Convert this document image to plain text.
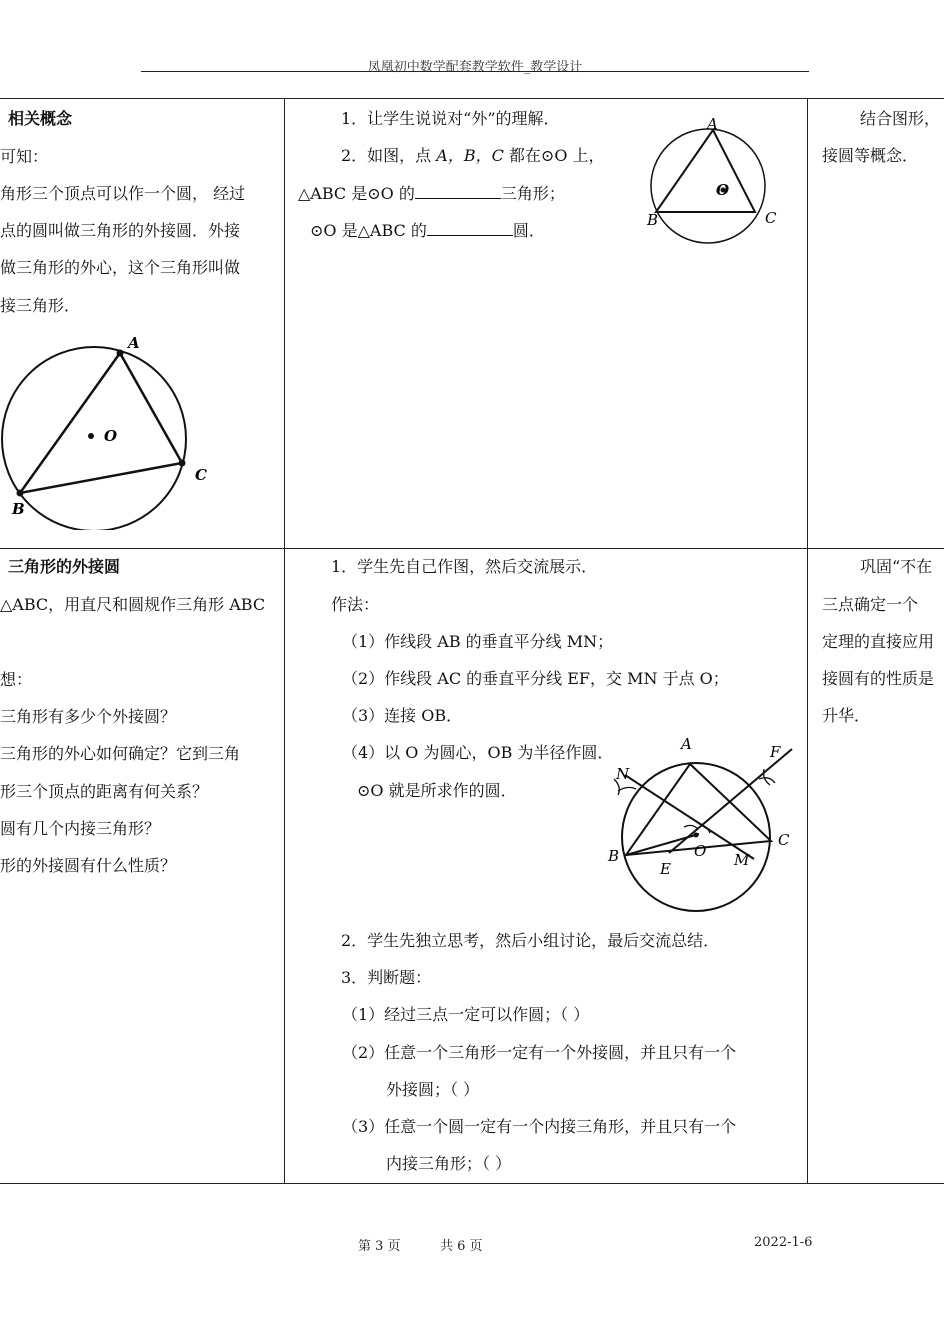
凤凰初中数学配套教学软件_教学设计
相关概念
可知：
角形三个顶点可以作一个圆， 经过
点的圆叫做三角形的外接圆．外接
做三角形的外心，这个三角形叫做
接三角形．
A
O
C
B
1．让学生说说对“外”的理解．
2．如图，点 A，B，C 都在⊙O 上，
△ABC 是⊙O 的	三角形；
⊙O 是△ABC 的	圆．
A
O
B	C
结合图形，
接圆等概念．
三角形的外接圆
△ABC，用直尺和圆规作三角形 ABC
想：
三角形有多少个外接圆？
三角形的外心如何确定？它到三角
形三个顶点的距离有何关系？
圆有几个内接三角形？
形的外接圆有什么性质？
1．学生先自己作图，然后交流展示．
作法：
（1）作线段 AB 的垂直平分线 MN；
（2）作线段 AC 的垂直平分线 EF，交 MN 于点 O；
（3）连接 OB．
（4）以 O 为圆心，OB 为半径作圆．
⊙O 就是所求作的圆．
A	F
N
C
B	O M
E
2．学生先独立思考，然后小组讨论，最后交流总结．
3．判断题：
（1）经过三点一定可以作圆；（ ）
（2）任意一个三角形一定有一个外接圆，并且只有一个
外接圆；（ ）
（3）任意一个圆一定有一个内接三角形，并且只有一个
内接三角形；（ ）
巩固“不在
三点确定一个
定理的直接应用
接圆有的性质是
升华．
第 3 页	共 6 页	2022-1-6
